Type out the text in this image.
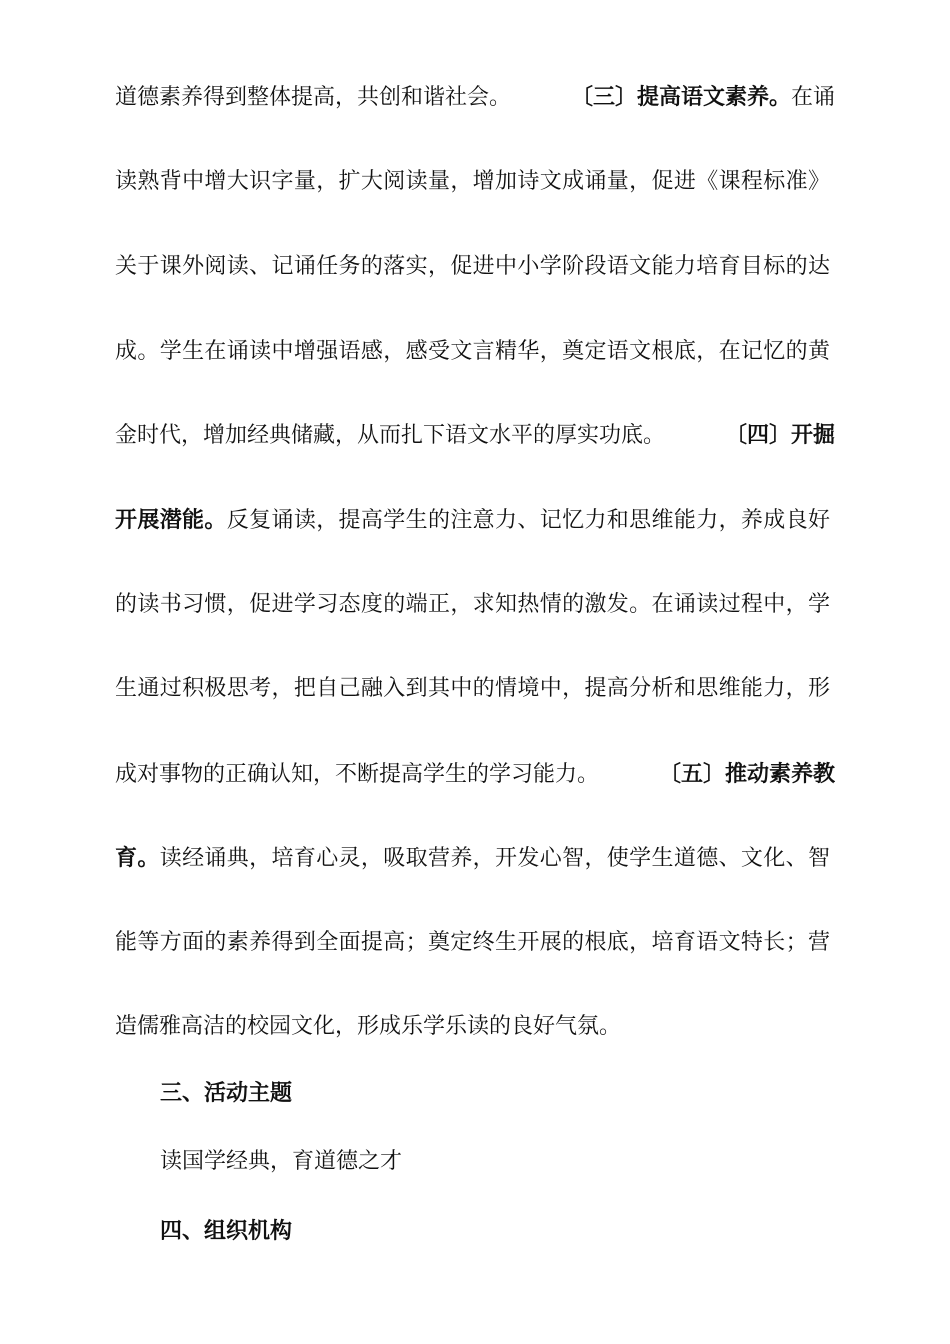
道德素养得到整体提高，共创和谐社会。	〔三〕提高语文素养。在诵
读熟背中增大识字量，扩大阅读量，增加诗文成诵量，促进《课程标准》
关于课外阅读、记诵任务的落实，促进中小学阶段语文能力培育目标的达
成。学生在诵读中增强语感，感受文言精华，奠定语文根底，在记忆的黄
金时代，增加经典储藏，从而扎下语文水平的厚实功底。	〔四〕开掘
开展潜能。反复诵读，提高学生的注意力、记忆力和思维能力，养成良好
的读书习惯，促进学习态度的端正，求知热情的激发。在诵读过程中，学
生通过积极思考，把自己融入到其中的情境中，提高分析和思维能力，形
成对事物的正确认知，不断提高学生的学习能力。	〔五〕推动素养教
育。读经诵典，培育心灵，吸取营养，开发心智，使学生道德、文化、智
能等方面的素养得到全面提高；奠定终生开展的根底，培育语文特长；营
造儒雅高洁的校园文化，形成乐学乐读的良好气氛。
三、活动主题
读国学经典，育道德之才
四、组织机构
